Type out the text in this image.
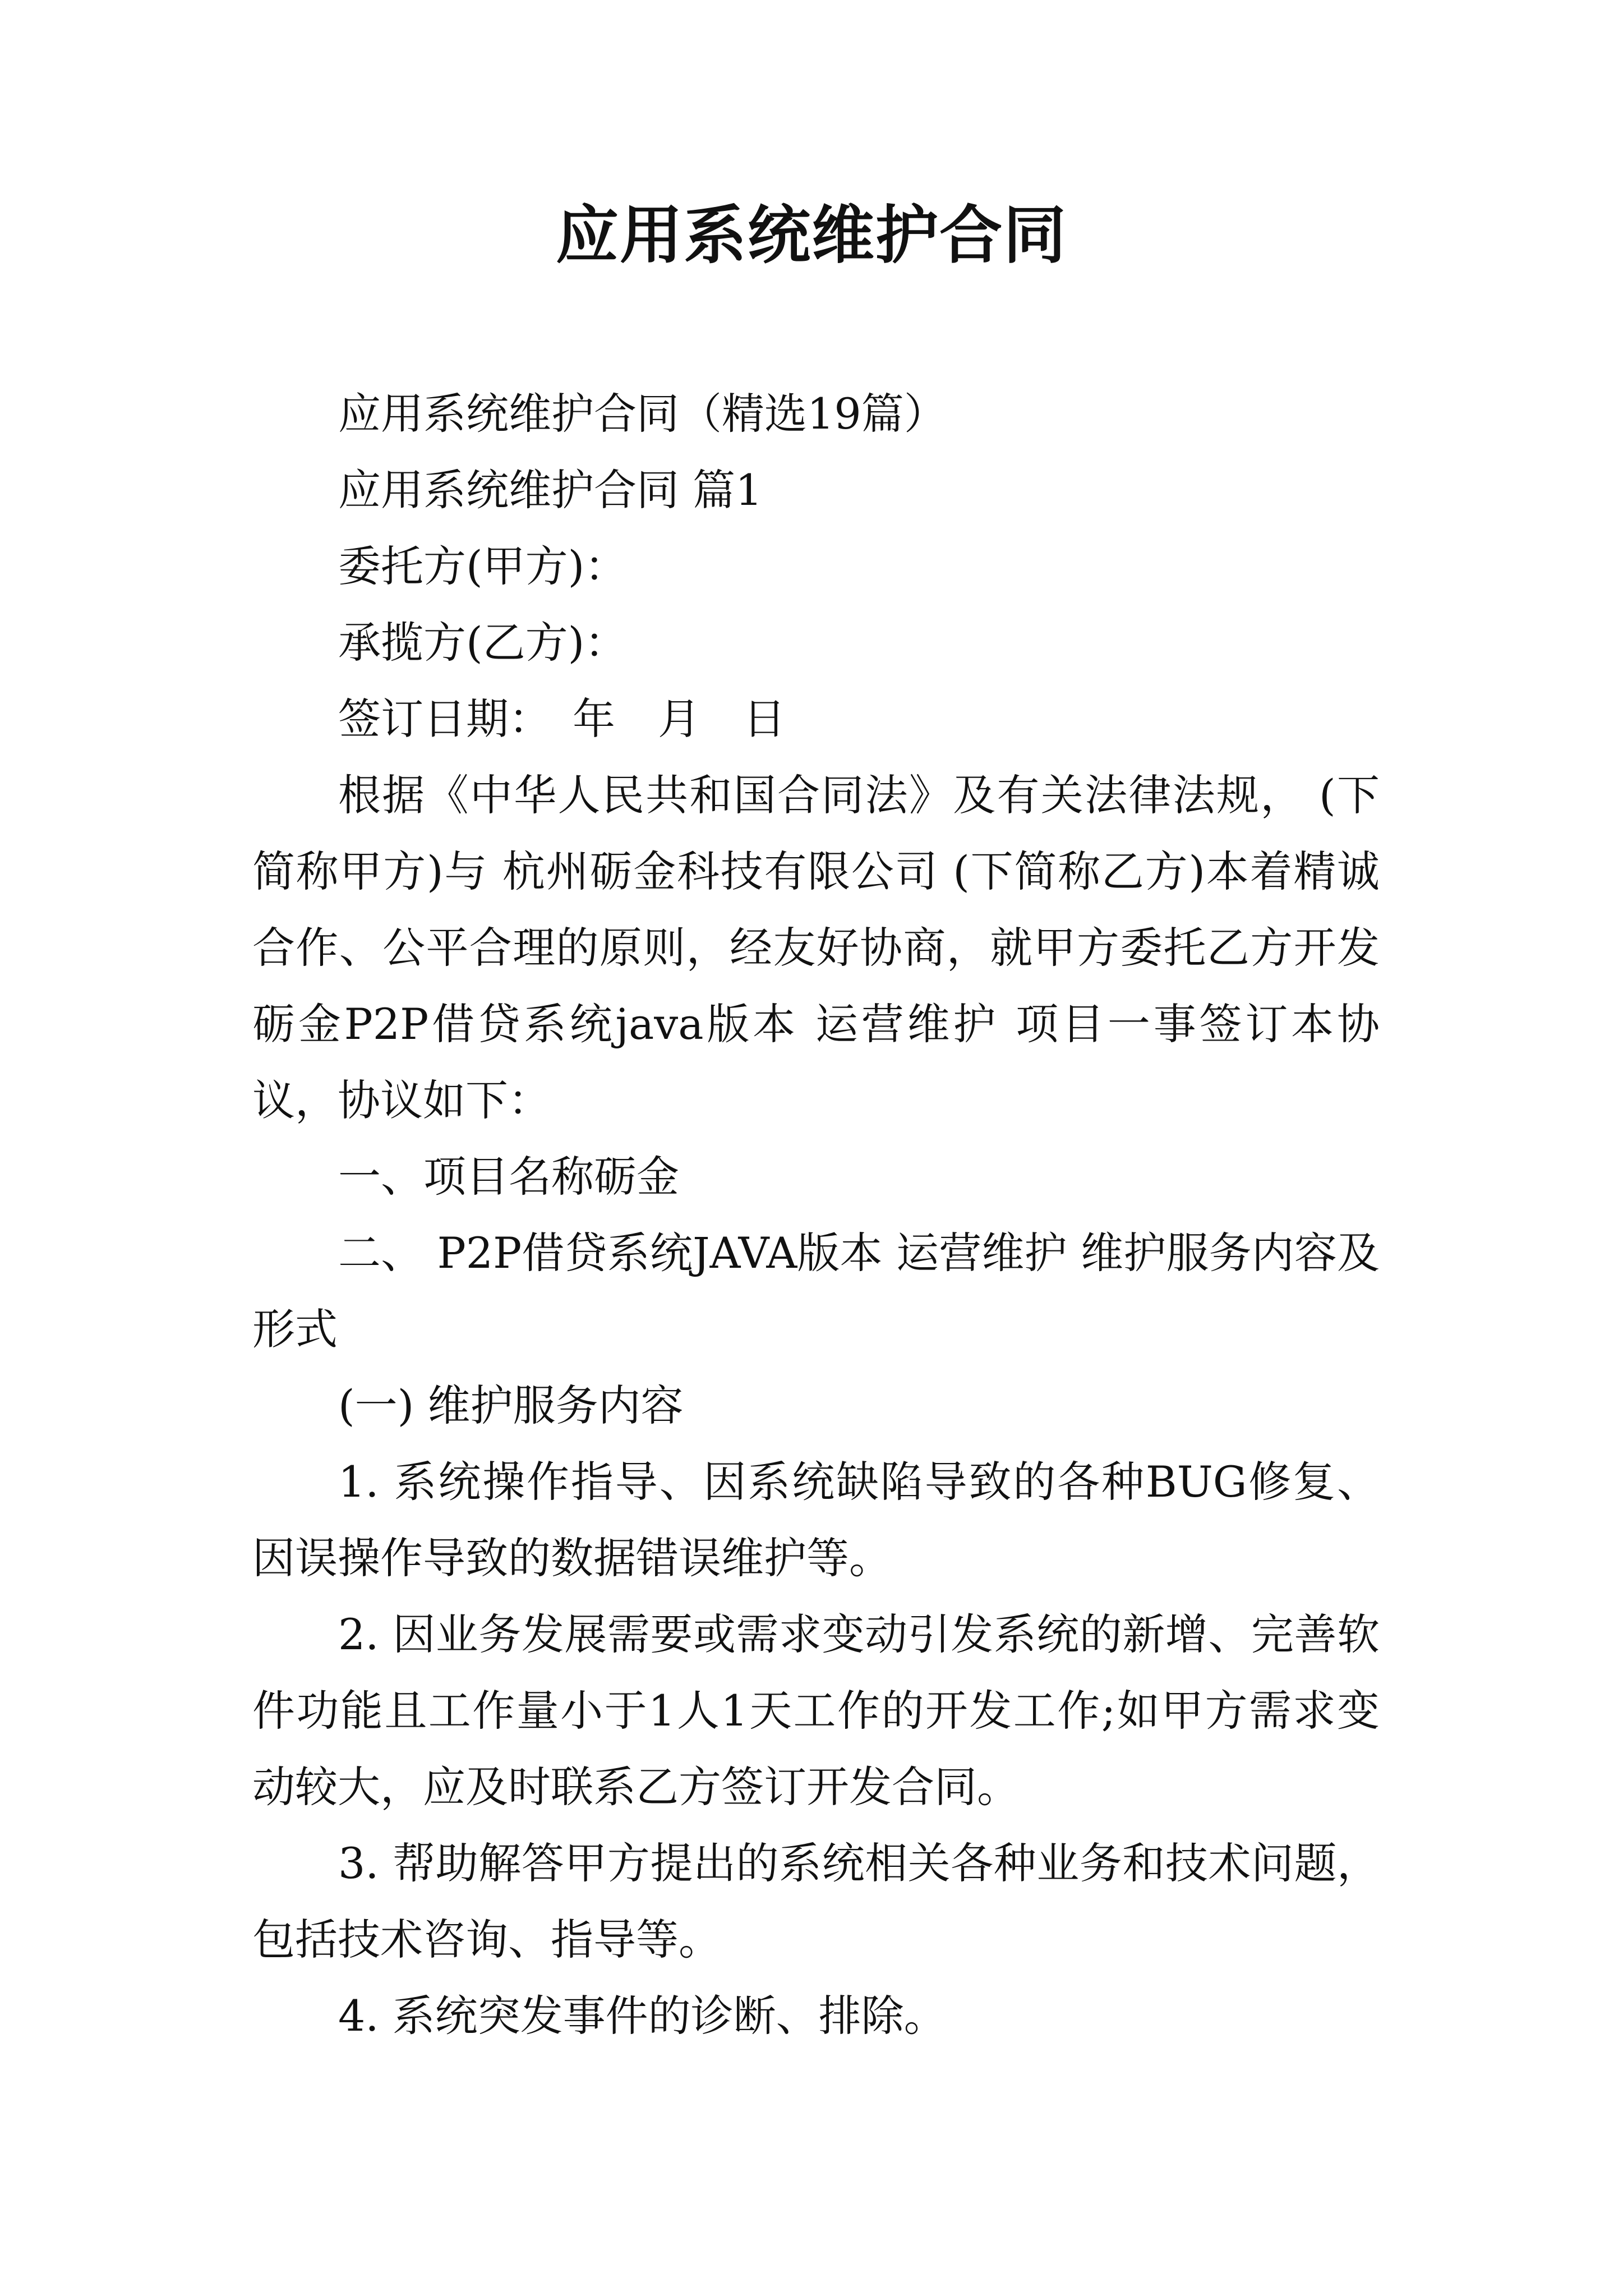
应用系统维护合同

应用系统维护合同（精选19篇）

应用系统维护合同 篇1

委托方(甲方)：

承揽方(乙方)：

签订日期：　年　月　日

根据《中华人民共和国合同法》及有关法律法规， (下简称甲方)与 杭州砺金科技有限公司 (下简称乙方)本着精诚合作、公平合理的原则，经友好协商，就甲方委托乙方开发 砺金P2P借贷系统java版本 运营维护 项目一事签订本协议，协议如下：

一、项目名称砺金

二、 P2P借贷系统JAVA版本 运营维护 维护服务内容及形式

(一) 维护服务内容

1. 系统操作指导、因系统缺陷导致的各种BUG修复、因误操作导致的数据错误维护等。

2. 因业务发展需要或需求变动引发系统的新增、完善软件功能且工作量小于1人1天工作的开发工作;如甲方需求变动较大，应及时联系乙方签订开发合同。

3. 帮助解答甲方提出的系统相关各种业务和技术问题，包括技术咨询、指导等。

4. 系统突发事件的诊断、排除。
